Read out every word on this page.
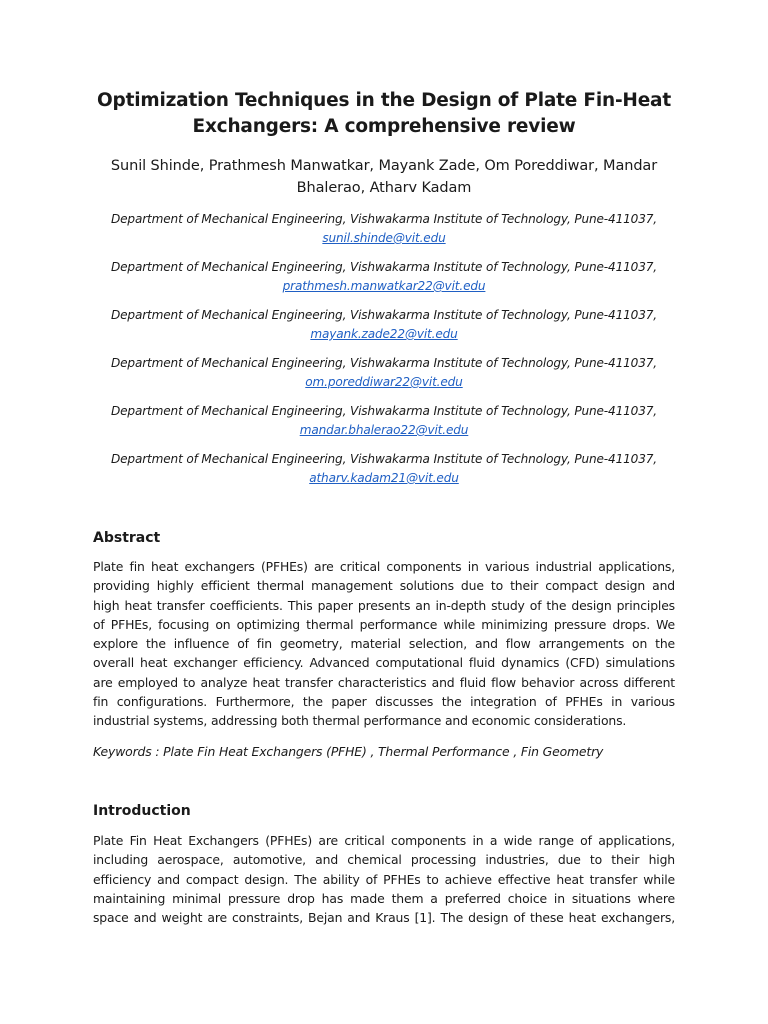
Optimization Techniques in the Design of Plate Fin-Heat
Exchangers: A comprehensive review
Sunil Shinde, Prathmesh Manwatkar, Mayank Zade, Om Poreddiwar, Mandar
Bhalerao, Atharv Kadam
Department of Mechanical Engineering, Vishwakarma Institute of Technology, Pune-411037,
sunil.shinde@vit.edu
Department of Mechanical Engineering, Vishwakarma Institute of Technology, Pune-411037,
prathmesh.manwatkar22@vit.edu
Department of Mechanical Engineering, Vishwakarma Institute of Technology, Pune-411037,
mayank.zade22@vit.edu
Department of Mechanical Engineering, Vishwakarma Institute of Technology, Pune-411037,
om.poreddiwar22@vit.edu
Department of Mechanical Engineering, Vishwakarma Institute of Technology, Pune-411037,
mandar.bhalerao22@vit.edu
Department of Mechanical Engineering, Vishwakarma Institute of Technology, Pune-411037,
atharv.kadam21@vit.edu
Abstract
Plate fin heat exchangers (PFHEs) are critical components in various industrial applications,
providing highly efficient thermal management solutions due to their compact design and
high heat transfer coefficients. This paper presents an in-depth study of the design principles
of PFHEs, focusing on optimizing thermal performance while minimizing pressure drops. We
explore the influence of fin geometry, material selection, and flow arrangements on the
overall heat exchanger efficiency. Advanced computational fluid dynamics (CFD) simulations
are employed to analyze heat transfer characteristics and fluid flow behavior across different
fin configurations. Furthermore, the paper discusses the integration of PFHEs in various
industrial systems, addressing both thermal performance and economic considerations.
Keywords : Plate Fin Heat Exchangers (PFHE) , Thermal Performance , Fin Geometry
Introduction
Plate Fin Heat Exchangers (PFHEs) are critical components in a wide range of applications,
including aerospace, automotive, and chemical processing industries, due to their high
efficiency and compact design. The ability of PFHEs to achieve effective heat transfer while
maintaining minimal pressure drop has made them a preferred choice in situations where
space and weight are constraints, Bejan and Kraus [1]. The design of these heat exchangers,
